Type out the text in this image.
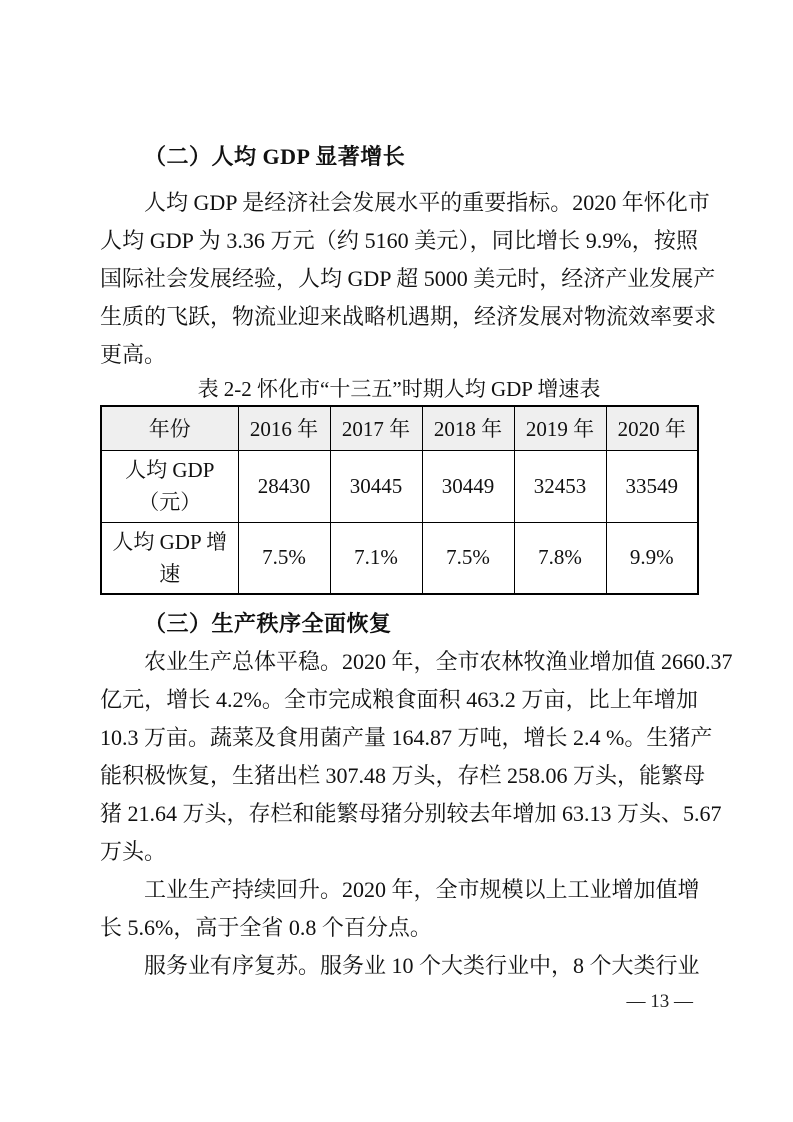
（二）人均 GDP 显著增长
人均 GDP 是经济社会发展水平的重要指标。2020 年怀化市
人均 GDP 为 3.36 万元（约 5160 美元），同比增长 9.9%，按照
国际社会发展经验，人均 GDP 超 5000 美元时，经济产业发展产
生质的飞跃，物流业迎来战略机遇期，经济发展对物流效率要求
更高。
表 2-2 怀化市“十三五”时期人均 GDP 增速表
年份	2016 年	2017 年	2018 年	2019 年	2020 年
人均 GDP（元）	28430	30445	30449	32453	33549
人均 GDP 增速	7.5%	7.1%	7.5%	7.8%	9.9%
（三）生产秩序全面恢复
农业生产总体平稳。2020 年，全市农林牧渔业增加值 2660.37
亿元，增长 4.2%。全市完成粮食面积 463.2 万亩，比上年增加
10.3 万亩。蔬菜及食用菌产量 164.87 万吨，增长 2.4 %。生猪产
能积极恢复，生猪出栏 307.48 万头，存栏 258.06 万头，能繁母
猪 21.64 万头，存栏和能繁母猪分别较去年增加 63.13 万头、5.67
万头。
工业生产持续回升。2020 年，全市规模以上工业增加值增
长 5.6%，高于全省 0.8 个百分点。
服务业有序复苏。服务业 10 个大类行业中，8 个大类行业
— 13 —
